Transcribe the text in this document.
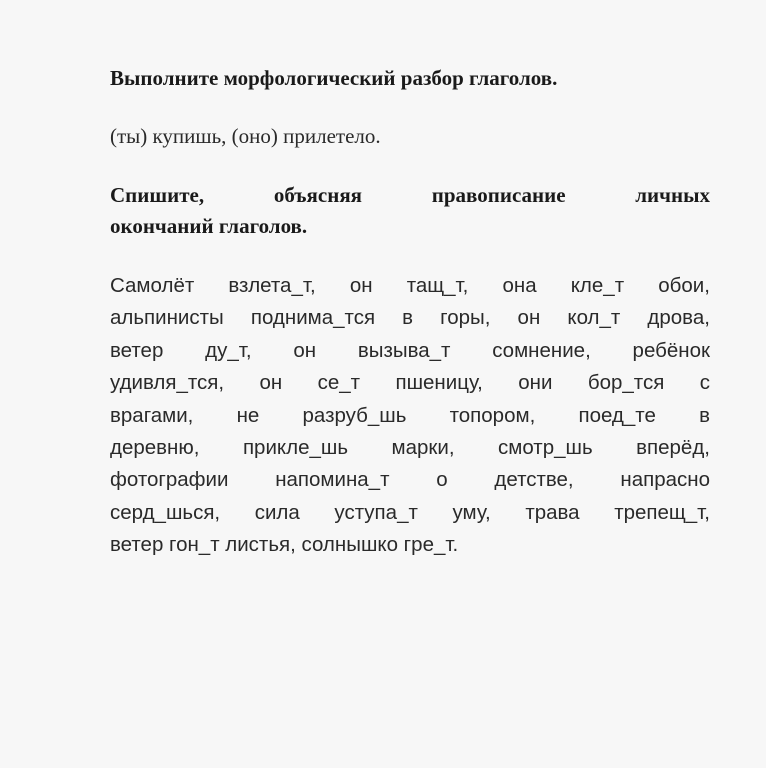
Выполните морфологический разбор глаголов.
(ты) купишь, (оно) прилетело.
Спишите,	объясняя	правописание	личных
окончаний глаголов.
Самолёт взлета_т, он тащ_т, она кле_т обои,
альпинисты поднима_тся в горы, он кол_т дрова,
ветер ду_т, он вызыва_т сомнение, ребёнок
удивля_тся, он се_т пшеницу, они бор_тся с
врагами, не разруб_шь топором, поед_те в
деревню, прикле_шь марки, смотр_шь вперёд,
фотографии напомина_т о детстве, напрасно
серд_шься, сила уступа_т уму, трава трепещ_т,
ветер гон_т листья, солнышко гре_т.
